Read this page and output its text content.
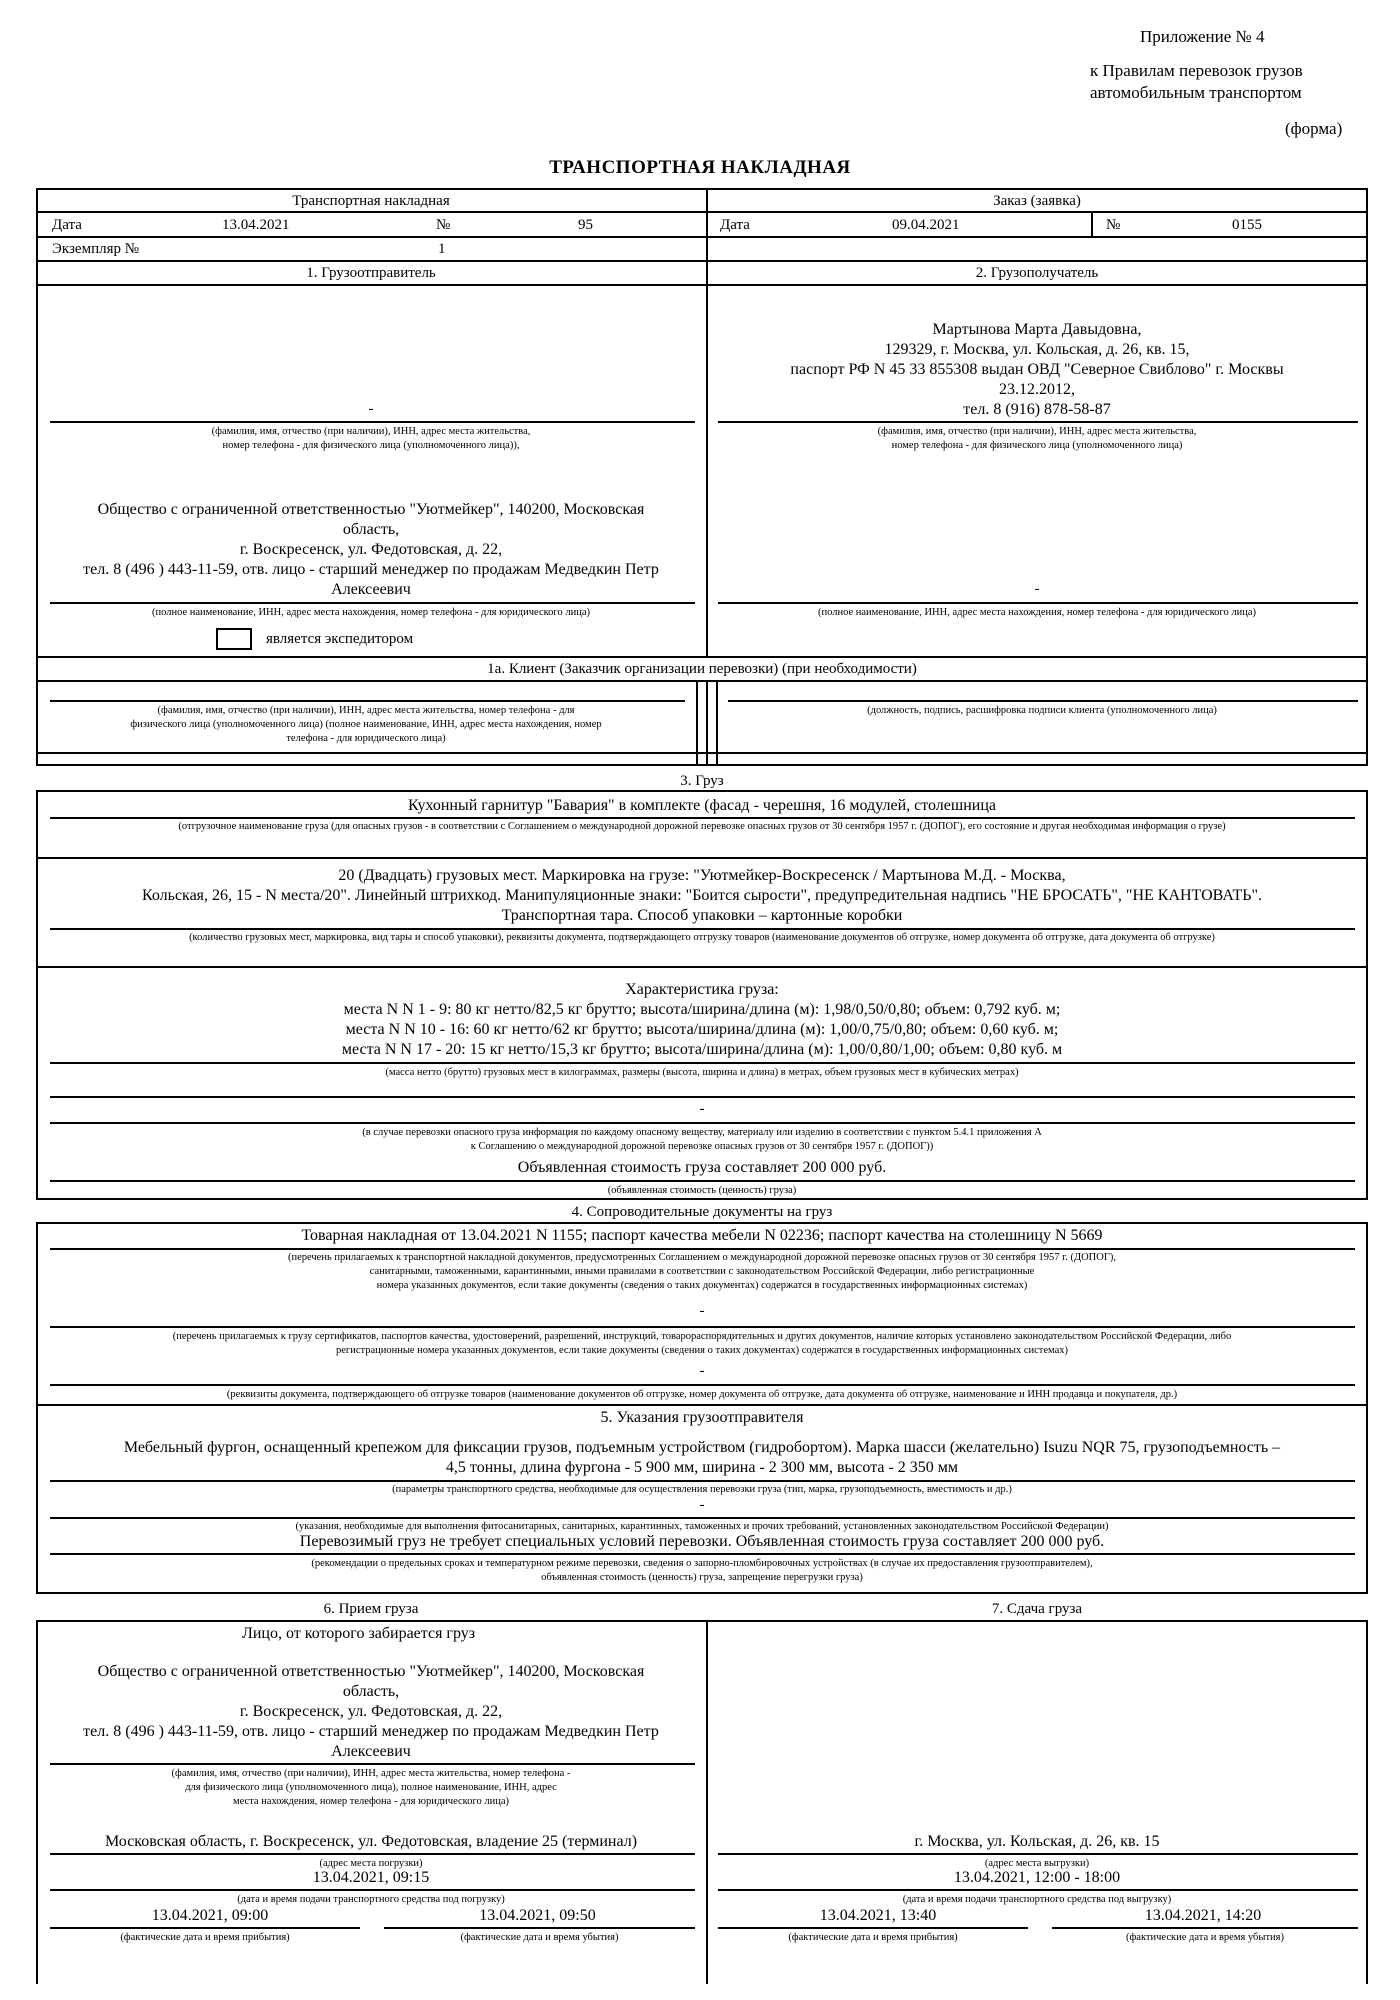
Приложение № 4
к Правилам перевозок грузов
автомобильным транспортом
(форма)
ТРАНСПОРТНАЯ НАКЛАДНАЯ
Транспортная накладная	Заказ (заявка)
Дата	13.04.2021	№	95	Дата	09.04.2021	№	0155
Экземпляр №	1
1. Грузоотправитель	2. Грузополучатель
-
(фамилия, имя, отчество (при наличии), ИНН, адрес места жительства,
номер телефона - для физического лица (уполномоченного лица)),
Общество с ограниченной ответственностью "Уютмейкер", 140200, Московская
область,
г. Воскресенск, ул. Федотовская, д. 22,
тел. 8 (496 ) 443-11-59, отв. лицо - старший менеджер по продажам Медведкин Петр
Алексеевич
(полное наименование, ИНН, адрес места нахождения, номер телефона - для юридического лица)
является экспедитором
Мартынова Марта Давыдовна,
129329, г. Москва, ул. Кольская, д. 26, кв. 15,
паспорт РФ N 45 33 855308 выдан ОВД "Северное Свиблово" г. Москвы
23.12.2012,
тел. 8 (916) 878-58-87
(фамилия, имя, отчество (при наличии), ИНН, адрес места жительства,
номер телефона - для физического лица (уполномоченного лица)
-
(полное наименование, ИНН, адрес места нахождения, номер телефона - для юридического лица)
1а. Клиент (Заказчик организации перевозки) (при необходимости)
(фамилия, имя, отчество (при наличии), ИНН, адрес места жительства, номер телефона - для
физического лица (уполномоченного лица) (полное наименование, ИНН, адрес места нахождения, номер
телефона - для юридического лица)
(должность, подпись, расшифровка подписи клиента (уполномоченного лица)
3. Груз
Кухонный гарнитур "Бавария" в комплекте (фасад - черешня, 16 модулей, столешница
(отгрузочное наименование груза (для опасных грузов - в соответствии с Соглашением о международной дорожной перевозке опасных грузов от 30 сентября 1957 г. (ДОПОГ), его состояние и другая необходимая информация о грузе)
20 (Двадцать) грузовых мест. Маркировка на грузе: "Уютмейкер-Воскресенск / Мартынова М.Д. - Москва,
Кольская, 26, 15 - N места/20". Линейный штрихкод. Манипуляционные знаки: "Боится сырости", предупредительная надпись "НЕ БРОСАТЬ", "НЕ КАНТОВАТЬ".
Транспортная тара. Способ упаковки – картонные коробки
(количество грузовых мест, маркировка, вид тары и способ упаковки), реквизиты документа, подтверждающего отгрузку товаров (наименование документов об отгрузке, номер документа об отгрузке, дата документа об отгрузке)
Характеристика груза:
места N N 1 - 9: 80 кг нетто/82,5 кг брутто; высота/ширина/длина (м): 1,98/0,50/0,80; объем: 0,792 куб. м;
места N N 10 - 16: 60 кг нетто/62 кг брутто; высота/ширина/длина (м): 1,00/0,75/0,80; объем: 0,60 куб. м;
места N N 17 - 20: 15 кг нетто/15,3 кг брутто; высота/ширина/длина (м): 1,00/0,80/1,00; объем: 0,80 куб. м
(масса нетто (брутто) грузовых мест в килограммах, размеры (высота, ширина и длина) в метрах, объем грузовых мест в кубических метрах)
-
(в случае перевозки опасного груза информация по каждому опасному веществу, материалу или изделию в соответствии с пунктом 5.4.1 приложения А
к Соглашению о международной дорожной перевозке опасных грузов от 30 сентября 1957 г. (ДОПОГ))
Объявленная стоимость груза составляет 200 000 руб.
(объявленная стоимость (ценность) груза)
4. Сопроводительные документы на груз
Товарная накладная от 13.04.2021 N 1155; паспорт качества мебели N 02236; паспорт качества на столешницу N 5669
(перечень прилагаемых к транспортной накладной документов, предусмотренных Соглашением о международной дорожной перевозке опасных грузов от 30 сентября 1957 г. (ДОПОГ),
санитарными, таможенными, карантинными, иными правилами в соответствии с законодательством Российской Федерации, либо регистрационные
номера указанных документов, если такие документы (сведения о таких документах) содержатся в государственных информационных системах)
-
(перечень прилагаемых к грузу сертификатов, паспортов качества, удостоверений, разрешений, инструкций, товарораспорядительных и других документов, наличие которых установлено законодательством Российской Федерации, либо
регистрационные номера указанных документов, если такие документы (сведения о таких документах) содержатся в государственных информационных системах)
-
(реквизиты документа, подтверждающего об отгрузке товаров (наименование документов об отгрузке, номер документа об отгрузке, дата документа об отгрузке, наименование и ИНН продавца и покупателя, др.)
5. Указания грузоотправителя
Мебельный фургон, оснащенный крепежом для фиксации грузов, подъемным устройством (гидробортом). Марка шасси (желательно) Isuzu NQR 75, грузоподъемность –
4,5 тонны, длина фургона - 5 900 мм, ширина - 2 300 мм, высота - 2 350 мм
(параметры транспортного средства, необходимые для осуществления перевозки груза (тип, марка, грузоподъемность, вместимость и др.)
-
(указания, необходимые для выполнения фитосанитарных, санитарных, карантинных, таможенных и прочих требований, установленных законодательством Российской Федерации)
Перевозимый груз не требует специальных условий перевозки. Объявленная стоимость груза составляет 200 000 руб.
(рекомендации о предельных сроках и температурном режиме перевозки, сведения о запорно-пломбировочных устройствах (в случае их предоставления грузоотправителем),
объявленная стоимость (ценность) груза, запрещение перегрузки груза)
6. Прием груза	7. Сдача груза
Лицо, от которого забирается груз
Общество с ограниченной ответственностью "Уютмейкер", 140200, Московская
область,
г. Воскресенск, ул. Федотовская, д. 22,
тел. 8 (496 ) 443-11-59, отв. лицо - старший менеджер по продажам Медведкин Петр
Алексеевич
(фамилия, имя, отчество (при наличии), ИНН, адрес места жительства, номер телефона -
для физического лица (уполномоченного лица), полное наименование, ИНН, адрес
места нахождения, номер телефона - для юридического лица)
Московская область, г. Воскресенск, ул. Федотовская, владение 25 (терминал)
(адрес места погрузки)
13.04.2021, 09:15
(дата и время подачи транспортного средства под погрузку)
13.04.2021, 09:00	13.04.2021, 09:50
(фактические дата и время прибытия)	(фактические дата и время убытия)
г. Москва, ул. Кольская, д. 26, кв. 15
(адрес места выгрузки)
13.04.2021, 12:00 - 18:00
(дата и время подачи транспортного средства под выгрузку)
13.04.2021, 13:40	13.04.2021, 14:20
(фактические дата и время прибытия)	(фактические дата и время убытия)
